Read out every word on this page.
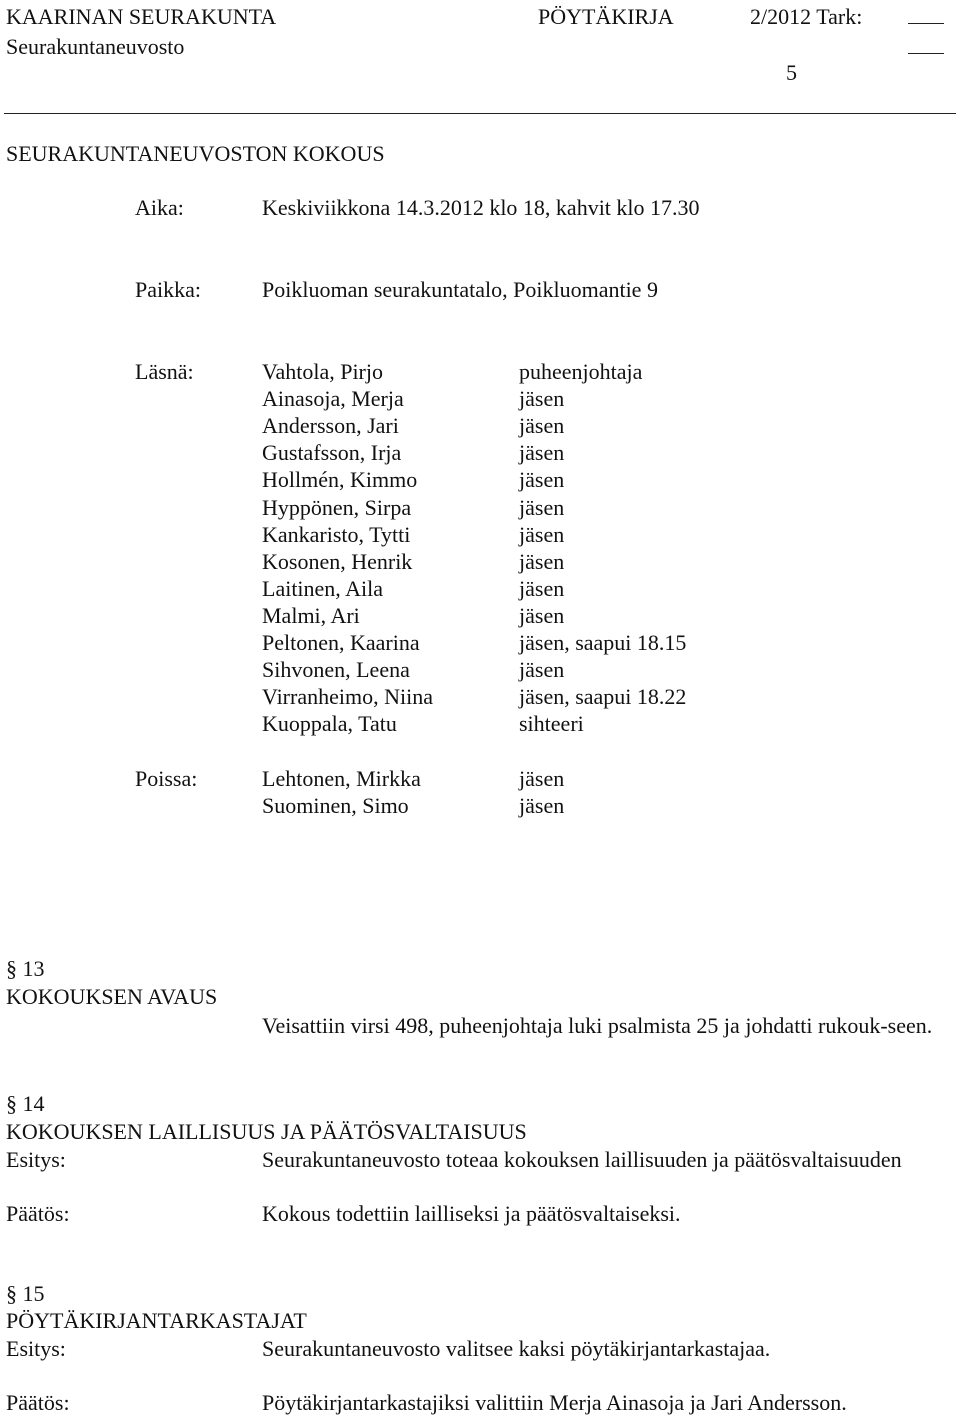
KAARINAN SEURAKUNTA	PÖYTÄKIRJA	2/2012 Tark:
Seurakuntaneuvosto
5
SEURAKUNTANEUVOSTON KOKOUS
Aika:	Keskiviikkona 14.3.2012 klo 18, kahvit klo 17.30
Paikka:	Poikluoman seurakuntatalo, Poikluomantie 9
Läsnä:	Vahtola, Pirjo	puheenjohtaja
Ainasoja, Merja	jäsen
Andersson, Jari	jäsen
Gustafsson, Irja	jäsen
Hollmén, Kimmo	jäsen
Hyppönen, Sirpa	jäsen
Kankaristo, Tytti	jäsen
Kosonen, Henrik	jäsen
Laitinen, Aila	jäsen
Malmi, Ari	jäsen
Peltonen, Kaarina	jäsen, saapui 18.15
Sihvonen, Leena	jäsen
Virranheimo, Niina	jäsen, saapui 18.22
Kuoppala, Tatu	sihteeri
Poissa:	Lehtonen, Mirkka	jäsen
Suominen, Simo	jäsen
§ 13
KOKOUKSEN AVAUS
Veisattiin virsi 498, puheenjohtaja luki psalmista 25 ja johdatti rukouk-seen.
§ 14
KOKOUKSEN LAILLISUUS JA PÄÄTÖSVALTAISUUS
Esitys:	Seurakuntaneuvosto toteaa kokouksen laillisuuden ja päätösvaltaisuuden
Päätös:	Kokous todettiin lailliseksi ja päätösvaltaiseksi.
§ 15
PÖYTÄKIRJANTARKASTAJAT
Esitys:	Seurakuntaneuvosto valitsee kaksi pöytäkirjantarkastajaa.
Päätös:	Pöytäkirjantarkastajiksi valittiin Merja Ainasoja ja Jari Andersson.
